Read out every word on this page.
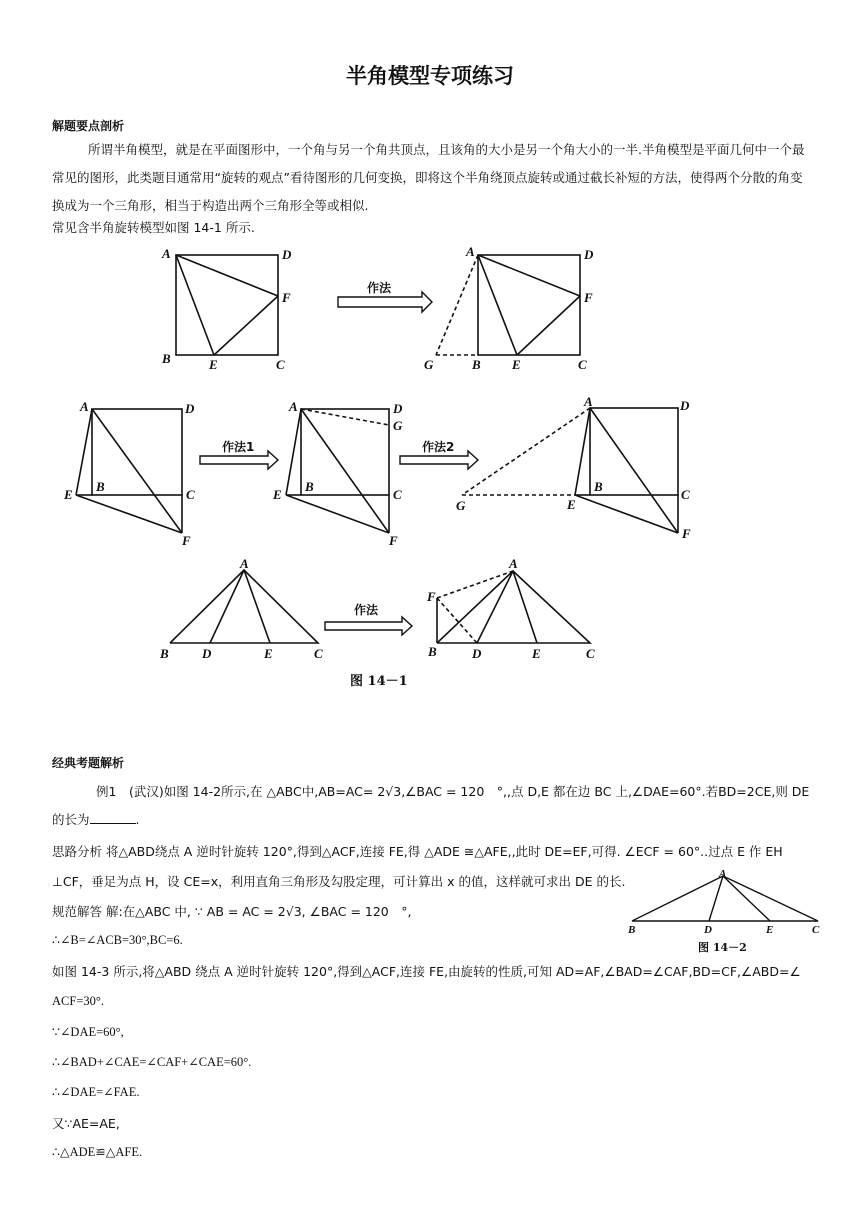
半角模型专项练习
解题要点剖析
所谓半角模型，就是在平面图形中，一个角与另一个角共顶点，且该角的大小是另一个角大小的一半.半角模型是平面几何中一个最常见的图形，此类题目通常用“旋转的观点”看待图形的几何变换，即将这个半角绕顶点旋转或通过截长补短的方法，使得两个分散的角变换成为一个三角形，相当于构造出两个三角形全等或相似.
常见含半角旋转模型如图 14-1 所示.
A	D
F
B	E	C
作法
A	D
F
G	B E	C
A	D
B
C
E
F
作法1
A	D
G
B
C
E
F
作法2
A	D
B
C
E
G
F
A
B	D	E	C
作法
A
F
B	D	E	C
图 14－1
经典考题解析
例1　(武汉)如图 14-2所示,在 △ABC中,AB=AC= 2√3,∠BAC = 120　°,,点 D,E 都在边 BC 上,∠DAE=60°.若BD=2CE,则 DE
的长为	.
思路分析 将△ABD绕点 A 逆时针旋转 120°,得到△ACF,连接 FE,得 △ADE ≅△AFE,,此时 DE=EF,可得. ∠ECF = 60°..过点 E 作 EH
⊥CF，垂足为点 H，设 CE=x，利用直角三角形及勾股定理，可计算出 x 的值，这样就可求出 DE 的长.
规范解答 解:在△ABC 中, ∵ AB = AC = 2√3, ∠BAC = 120　°,
A
B	D	E	C
图 14－2
∴∠B=∠ACB=30°,BC=6.
如图 14-3 所示,将△ABD 绕点 A 逆时针旋转 120°,得到△ACF,连接 FE,由旋转的性质,可知 AD=AF,∠BAD=∠CAF,BD=CF,∠ABD=∠
ACF=30°.
∵∠DAE=60°,
∴∠BAD+∠CAE=∠CAF+∠CAE=60°.
∴∠DAE=∠FAE.
又∵AE=AE,
∴△ADE≌△AFE.
